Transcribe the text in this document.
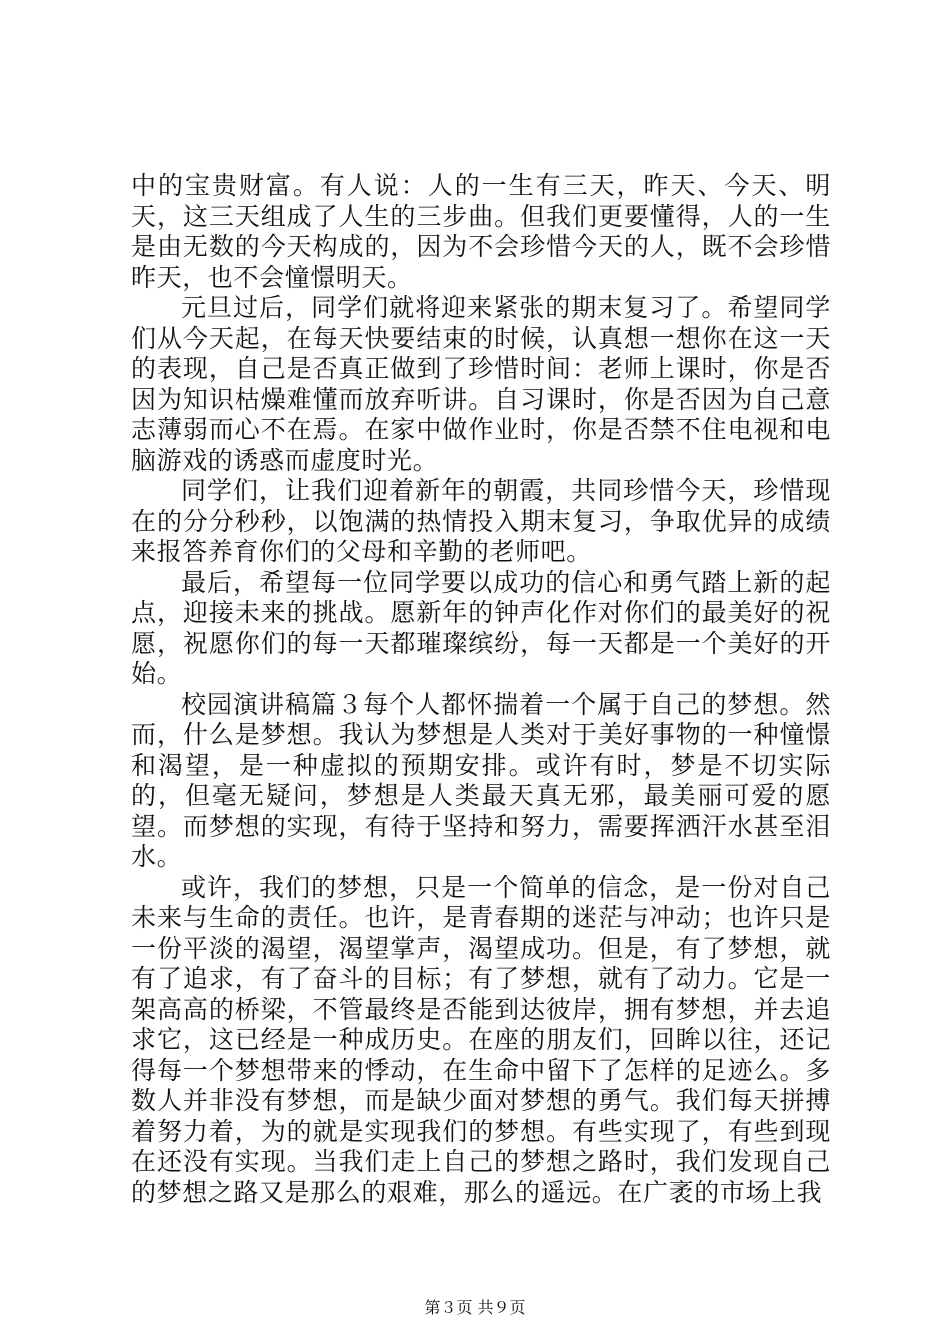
中的宝贵财富。有人说：人的一生有三天，昨天、今天、明天，这三天组成了人生的三步曲。但我们更要懂得，人的一生是由无数的今天构成的，因为不会珍惜今天的人，既不会珍惜昨天，也不会憧憬明天。

元旦过后，同学们就将迎来紧张的期末复习了。希望同学们从今天起，在每天快要结束的时候，认真想一想你在这一天的表现，自己是否真正做到了珍惜时间：老师上课时，你是否因为知识枯燥难懂而放弃听讲。自习课时，你是否因为自己意志薄弱而心不在焉。在家中做作业时，你是否禁不住电视和电脑游戏的诱惑而虚度时光。

同学们，让我们迎着新年的朝霞，共同珍惜今天，珍惜现在的分分秒秒，以饱满的热情投入期末复习，争取优异的成绩来报答养育你们的父母和辛勤的老师吧。

最后，希望每一位同学要以成功的信心和勇气踏上新的起点，迎接未来的挑战。愿新年的钟声化作对你们的最美好的祝愿，祝愿你们的每一天都璀璨缤纷，每一天都是一个美好的开始。

校园演讲稿篇３每个人都怀揣着一个属于自己的梦想。然而，什么是梦想。我认为梦想是人类对于美好事物的一种憧憬和渴望，是一种虚拟的预期安排。或许有时，梦是不切实际的，但毫无疑问，梦想是人类最天真无邪，最美丽可爱的愿望。而梦想的实现，有待于坚持和努力，需要挥洒汗水甚至泪水。

或许，我们的梦想，只是一个简单的信念，是一份对自己未来与生命的责任。也许，是青春期的迷茫与冲动；也许只是一份平淡的渴望，渴望掌声，渴望成功。但是，有了梦想，就有了追求，有了奋斗的目标；有了梦想，就有了动力。它是一架高高的桥梁，不管最终是否能到达彼岸，拥有梦想，并去追求它，这已经是一种成历史。在座的朋友们，回眸以往，还记得每一个梦想带来的悸动，在生命中留下了怎样的足迹么。多数人并非没有梦想，而是缺少面对梦想的勇气。我们每天拼搏着努力着，为的就是实现我们的梦想。有些实现了，有些到现在还没有实现。当我们走上自己的梦想之路时，我们发现自己的梦想之路又是那么的艰难，那么的遥远。在广袤的市场上我

第３页 共９页
